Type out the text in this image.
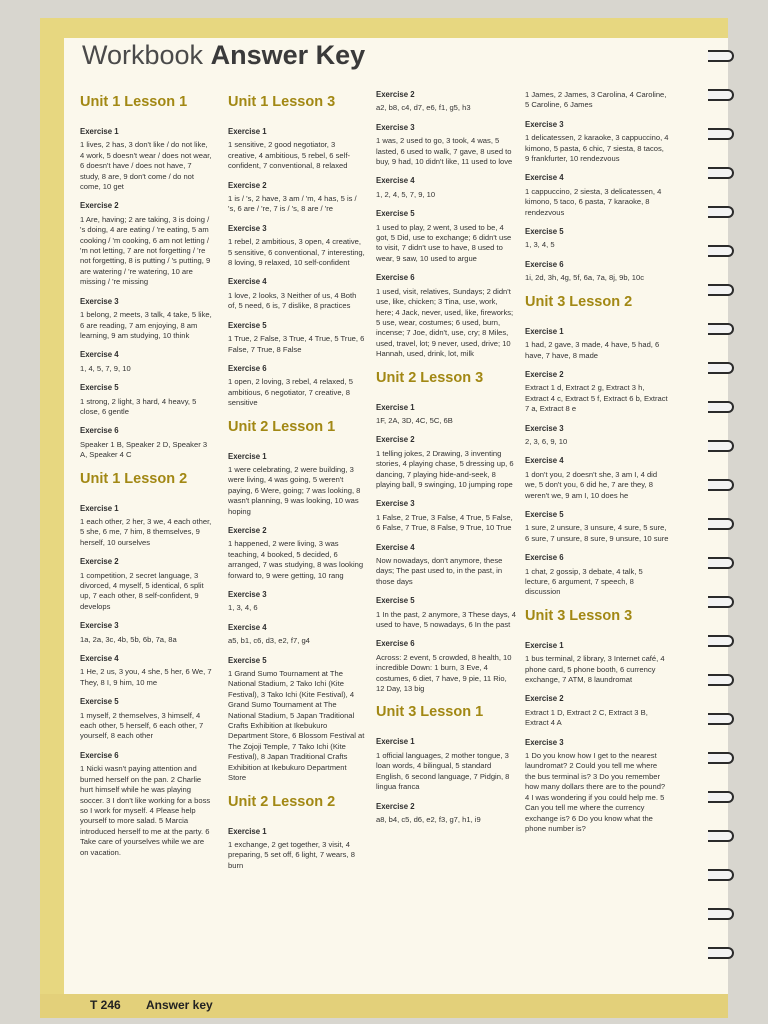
Workbook Answer Key
Unit 1 Lesson 1
Exercise 1
1 lives, 2 has, 3 don't like / do not like, 4 work, 5 doesn't wear / does not wear, 6 doesn't have / does not have, 7 study, 8 are, 9 don't come / do not come, 10 get
Exercise 2
1 Are, having; 2 are taking, 3 is doing / 's doing, 4 are eating / 're eating, 5 am cooking / 'm cooking, 6 am not letting / 'm not letting, 7 are not forgetting / 're not forgetting, 8 is putting / 's putting, 9 are watering / 're watering, 10 are missing / 're missing
Exercise 3
1 belong, 2 meets, 3 talk, 4 take, 5 like, 6 are reading, 7 am enjoying, 8 am learning, 9 am studying, 10 think
Exercise 4
1, 4, 5, 7, 9, 10
Exercise 5
1 strong, 2 light, 3 hard, 4 heavy, 5 close, 6 gentle
Exercise 6
Speaker 1 B, Speaker 2 D, Speaker 3 A, Speaker 4 C
Unit 1 Lesson 2
Exercise 1
1 each other, 2 her, 3 we, 4 each other, 5 she, 6 me, 7 him, 8 themselves, 9 herself, 10 ourselves
Exercise 2
1 competition, 2 secret language, 3 divorced, 4 myself, 5 identical, 6 split up, 7 each other, 8 self-confident, 9 develops
Exercise 3
1a, 2a, 3c, 4b, 5b, 6b, 7a, 8a
Exercise 4
1 He, 2 us, 3 you, 4 she, 5 her, 6 We, 7 They, 8 I, 9 him, 10 me
Exercise 5
1 myself, 2 themselves, 3 himself, 4 each other, 5 herself, 6 each other, 7 yourself, 8 each other
Exercise 6
1 Nicki wasn't paying attention and burned herself on the pan. 2 Charlie hurt himself while he was playing soccer. 3 I don't like working for a boss so I work for myself. 4 Please help yourself to more salad. 5 Marcia introduced herself to me at the party. 6 Take care of yourselves while we are on vacation.
Unit 1 Lesson 3
Exercise 1
1 sensitive, 2 good negotiator, 3 creative, 4 ambitious, 5 rebel, 6 self-confident, 7 conventional, 8 relaxed
Exercise 2
1 is / 's, 2 have, 3 am / 'm, 4 has, 5 is / 's, 6 are / 're, 7 is / 's, 8 are / 're
Exercise 3
1 rebel, 2 ambitious, 3 open, 4 creative, 5 sensitive, 6 conventional, 7 interesting, 8 loving, 9 relaxed, 10 self-confident
Exercise 4
1 love, 2 looks, 3 Neither of us, 4 Both of, 5 need, 6 is, 7 dislike, 8 practices
Exercise 5
1 True, 2 False, 3 True, 4 True, 5 True, 6 False, 7 True, 8 False
Exercise 6
1 open, 2 loving, 3 rebel, 4 relaxed, 5 ambitious, 6 negotiator, 7 creative, 8 sensitive
Unit 2 Lesson 1
Exercise 1
1 were celebrating, 2 were building, 3 were living, 4 was going, 5 weren't paying, 6 Were, going; 7 was looking, 8 wasn't planning, 9 was looking, 10 was hoping
Exercise 2
1 happened, 2 were living, 3 was teaching, 4 booked, 5 decided, 6 arranged, 7 was studying, 8 was looking forward to, 9 were getting, 10 rang
Exercise 3
1, 3, 4, 6
Exercise 4
a5, b1, c6, d3, e2, f7, g4
Exercise 5
1 Grand Sumo Tournament at The National Stadium, 2 Tako Ichi (Kite Festival), 3 Tako Ichi (Kite Festival), 4 Grand Sumo Tournament at The National Stadium, 5 Japan Traditional Crafts Exhibition at Ikebukuro Department Store, 6 Blossom Festival at The Zojoji Temple, 7 Tako Ichi (Kite Festival), 8 Japan Traditional Crafts Exhibition at Ikebukuro Department Store
Unit 2 Lesson 2
Exercise 1
1 exchange, 2 get together, 3 visit, 4 preparing, 5 set off, 6 light, 7 wears, 8 burn
Exercise 2
a2, b8, c4, d7, e6, f1, g5, h3
Exercise 3
1 was, 2 used to go, 3 took, 4 was, 5 lasted, 6 used to walk, 7 gave, 8 used to buy, 9 had, 10 didn't like, 11 used to love
Exercise 4
1, 2, 4, 5, 7, 9, 10
Exercise 5
1 used to play, 2 went, 3 used to be, 4 got, 5 Did, use to exchange; 6 didn't use to visit, 7 didn't use to have, 8 used to wear, 9 saw, 10 used to argue
Exercise 6
1 used, visit, relatives, Sundays; 2 didn't use, like, chicken; 3 Tina, use, work, here; 4 Jack, never, used, like, fireworks; 5 use, wear, costumes; 6 used, burn, incense; 7 Joe, didn't, use, cry; 8 Miles, used, travel, lot; 9 never, used, drive; 10 Hannah, used, drink, lot, milk
Unit 2 Lesson 3
Exercise 1
1F, 2A, 3D, 4C, 5C, 6B
Exercise 2
1 telling jokes, 2 Drawing, 3 inventing stories, 4 playing chase, 5 dressing up, 6 dancing, 7 playing hide-and-seek, 8 playing ball, 9 swinging, 10 jumping rope
Exercise 3
1 False, 2 True, 3 False, 4 True, 5 False, 6 False, 7 True, 8 False, 9 True, 10 True
Exercise 4
Now nowadays, don't anymore, these days; The past used to, in the past, in those days
Exercise 5
1 In the past, 2 anymore, 3 These days, 4 used to have, 5 nowadays, 6 In the past
Exercise 6
Across: 2 event, 5 crowded, 8 health, 10 incredible Down: 1 burn, 3 Eve, 4 costumes, 6 diet, 7 have, 9 pie, 11 Rio, 12 Day, 13 big
Unit 3 Lesson 1
Exercise 1
1 official languages, 2 mother tongue, 3 loan words, 4 bilingual, 5 standard English, 6 second language, 7 Pidgin, 8 lingua franca
Exercise 2
a8, b4, c5, d6, e2, f3, g7, h1, i9
1 James, 2 James, 3 Carolina, 4 Caroline, 5 Caroline, 6 James
Exercise 3
1 delicatessen, 2 karaoke, 3 cappuccino, 4 kimono, 5 pasta, 6 chic, 7 siesta, 8 tacos, 9 frankfurter, 10 rendezvous
Exercise 4
1 cappuccino, 2 siesta, 3 delicatessen, 4 kimono, 5 taco, 6 pasta, 7 karaoke, 8 rendezvous
Exercise 5
1, 3, 4, 5
Exercise 6
1i, 2d, 3h, 4g, 5f, 6a, 7a, 8j, 9b, 10c
Unit 3 Lesson 2
Exercise 1
1 had, 2 gave, 3 made, 4 have, 5 had, 6 have, 7 have, 8 made
Exercise 2
Extract 1 d, Extract 2 g, Extract 3 h, Extract 4 c, Extract 5 f, Extract 6 b, Extract 7 a, Extract 8 e
Exercise 3
2, 3, 6, 9, 10
Exercise 4
1 don't you, 2 doesn't she, 3 am I, 4 did we, 5 don't you, 6 did he, 7 are they, 8 weren't we, 9 am I, 10 does he
Exercise 5
1 sure, 2 unsure, 3 unsure, 4 sure, 5 sure, 6 sure, 7 unsure, 8 sure, 9 unsure, 10 sure
Exercise 6
1 chat, 2 gossip, 3 debate, 4 talk, 5 lecture, 6 argument, 7 speech, 8 discussion
Unit 3 Lesson 3
Exercise 1
1 bus terminal, 2 library, 3 Internet café, 4 phone card, 5 phone booth, 6 currency exchange, 7 ATM, 8 laundromat
Exercise 2
Extract 1 D, Extract 2 C, Extract 3 B, Extract 4 A
Exercise 3
1 Do you know how I get to the nearest laundromat? 2 Could you tell me where the bus terminal is? 3 Do you remember how many dollars there are to the pound? 4 I was wondering if you could help me. 5 Can you tell me where the currency exchange is? 6 Do you know what the phone number is?
T 246 Answer key
